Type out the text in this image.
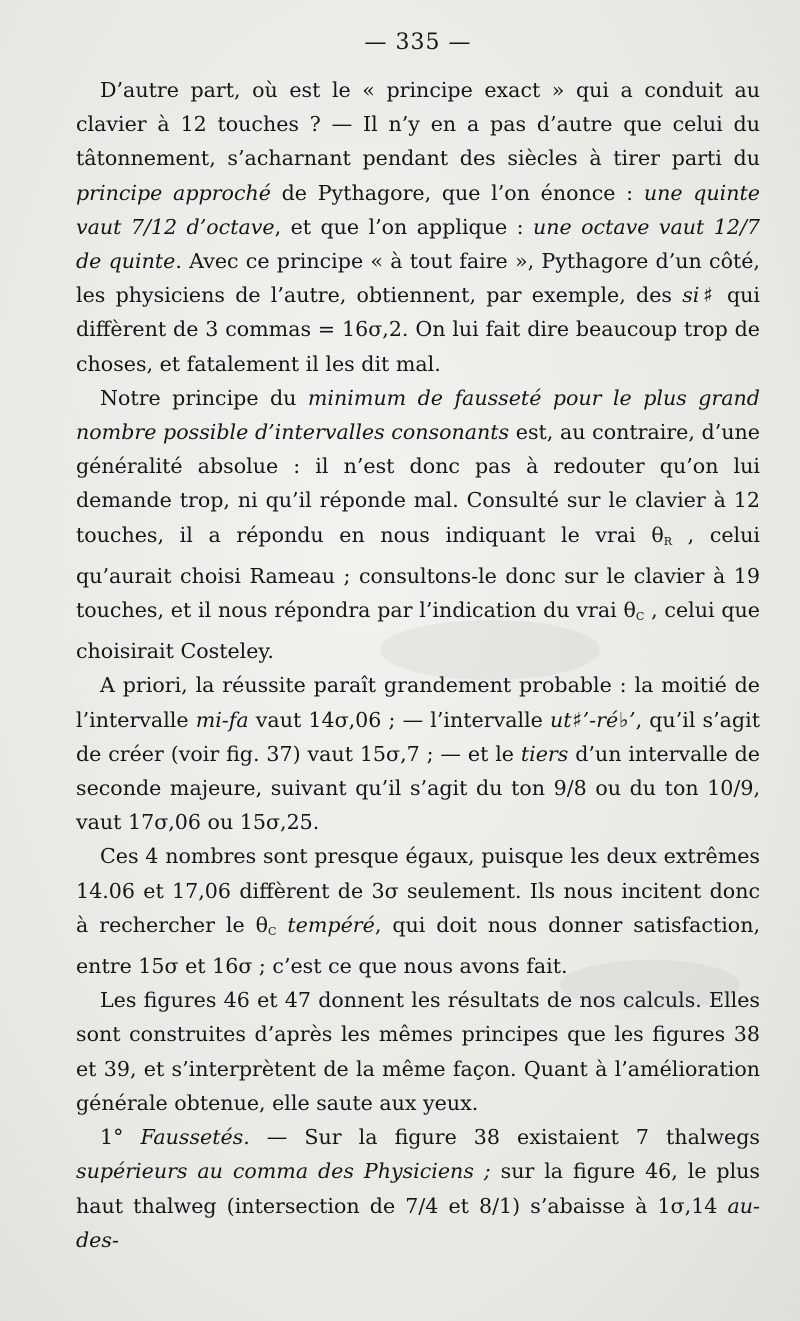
— 335 —

D’autre part, où est le « principe exact » qui a conduit au clavier à 12 touches ? — Il n’y en a pas d’autre que celui du tâtonnement, s’acharnant pendant des siècles à tirer parti du principe approché de Pythagore, que l’on énonce : une quinte vaut 7/12 d’octave, et que l’on applique : une octave vaut 12/7 de quinte. Avec ce principe « à tout faire », Pythagore d’un côté, les physiciens de l’autre, obtiennent, par exemple, des si♯ qui diffèrent de 3 commas = 16σ,2. On lui fait dire beaucoup trop de choses, et fatalement il les dit mal.

Notre principe du minimum de fausseté pour le plus grand nombre possible d’intervalles consonants est, au contraire, d’une généralité absolue : il n’est donc pas à redouter qu’on lui demande trop, ni qu’il réponde mal. Consulté sur le clavier à 12 touches, il a répondu en nous indiquant le vrai $\theta_R$ , celui qu’aurait choisi Rameau ; consultons-le donc sur le clavier à 19 touches, et il nous répondra par l’indication du vrai $\theta_C$ , celui que choisirait Costeley.

A priori, la réussite paraît grandement probable : la moitié de l’intervalle mi-fa vaut 14σ,06 ; — l’intervalle ut♯’-ré♭’, qu’il s’agit de créer (voir fig. 37) vaut 15σ,7 ; — et le tiers d’un intervalle de seconde majeure, suivant qu’il s’agit du ton 9/8 ou du ton 10/9, vaut 17σ,06 ou 15σ,25.

Ces 4 nombres sont presque égaux, puisque les deux extrêmes 14.06 et 17,06 diffèrent de 3σ seulement. Ils nous incitent donc à rechercher le $\theta_C$ tempéré, qui doit nous donner satisfaction, entre 15σ et 16σ ; c’est ce que nous avons fait.

Les figures 46 et 47 donnent les résultats de nos calculs. Elles sont construites d’après les mêmes principes que les figures 38 et 39, et s’interprètent de la même façon. Quant à l’amélioration générale obtenue, elle saute aux yeux.

1° Faussetés. — Sur la figure 38 existaient 7 thalwegs supérieurs au comma des Physiciens ; sur la figure 46, le plus haut thalweg (intersection de 7/4 et 8/1) s’abaisse à 1σ,14 au-des-
